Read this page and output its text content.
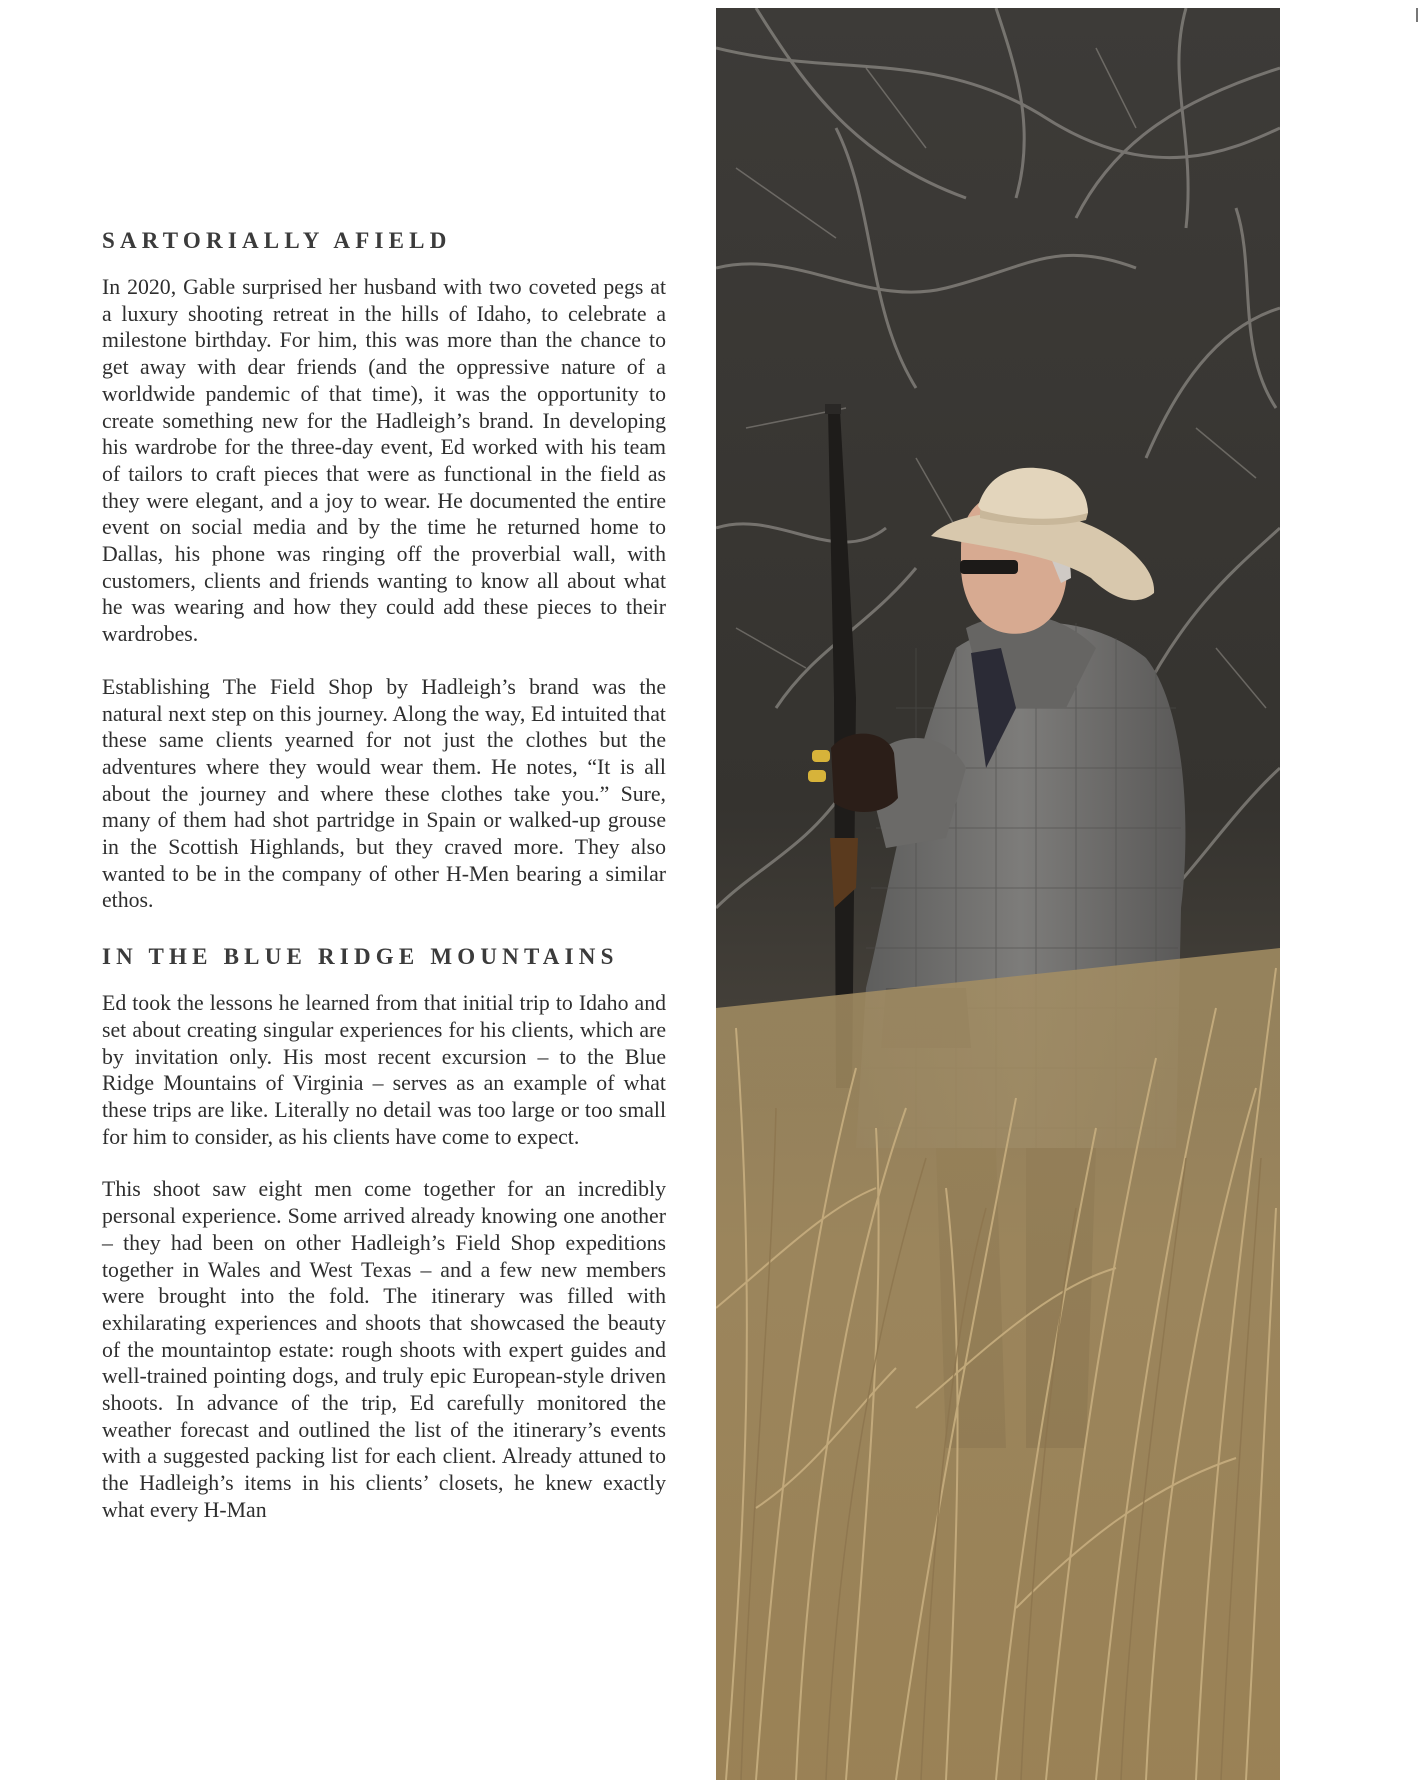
SARTORIALLY AFIELD

In 2020, Gable surprised her husband with two coveted pegs at a luxury shooting retreat in the hills of Idaho, to celebrate a milestone birthday. For him, this was more than the chance to get away with dear friends (and the oppressive nature of a worldwide pandemic of that time), it was the opportunity to create something new for the Hadleigh’s brand. In developing his wardrobe for the three-day event, Ed worked with his team of tailors to craft pieces that were as functional in the field as they were elegant, and a joy to wear. He documented the entire event on social media and by the time he returned home to Dallas, his phone was ringing off the proverbial wall, with customers, clients and friends wanting to know all about what he was wearing and how they could add these pieces to their wardrobes.

Establishing The Field Shop by Hadleigh’s brand was the natural next step on this journey. Along the way, Ed intuited that these same clients yearned for not just the clothes but the adventures where they would wear them. He notes, “It is all about the journey and where these clothes take you.” Sure, many of them had shot partridge in Spain or walked-up grouse in the Scottish Highlands, but they craved more. They also wanted to be in the company of other H-Men bearing a similar ethos.

IN THE BLUE RIDGE MOUNTAINS

Ed took the lessons he learned from that initial trip to Idaho and set about creating singular experiences for his clients, which are by invitation only. His most recent excursion – to the Blue Ridge Mountains of Virginia – serves as an example of what these trips are like. Literally no detail was too large or too small for him to consider, as his clients have come to expect.

This shoot saw eight men come together for an incredibly personal experience. Some arrived already knowing one another – they had been on other Hadleigh’s Field Shop expeditions together in Wales and West Texas – and a few new members were brought into the fold. The itinerary was filled with exhilarating experiences and shoots that showcased the beauty of the mountaintop estate: rough shoots with expert guides and well-trained pointing dogs, and truly epic European-style driven shoots. In advance of the trip, Ed carefully monitored the weather forecast and outlined the list of the itinerary’s events with a suggested packing list for each client. Already attuned to the Hadleigh’s items in his clients’ closets, he knew exactly what every H-Man
